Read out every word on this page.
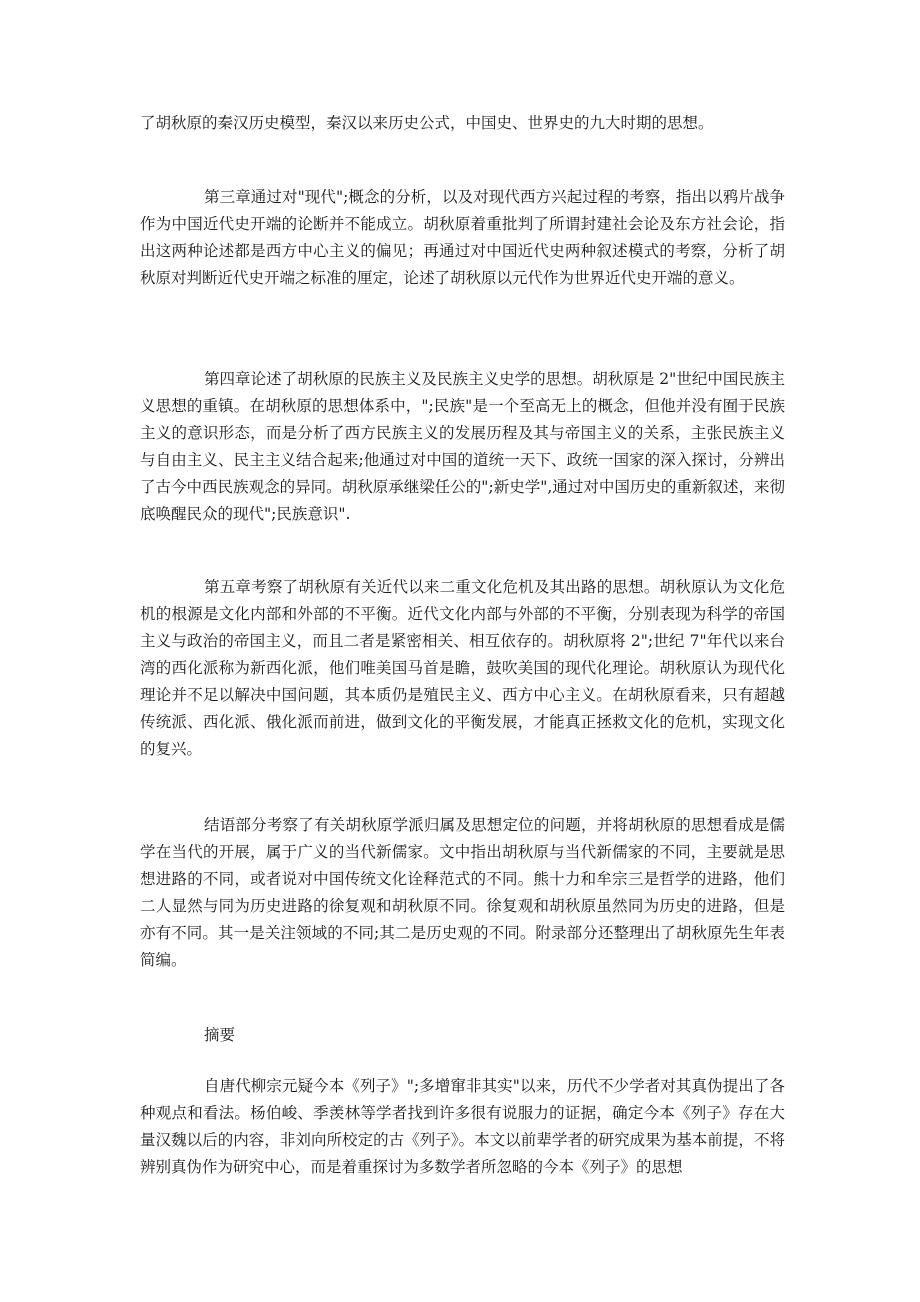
了胡秋原的秦汉历史模型，秦汉以来历史公式，中国史、世界史的九大时期的思想。

第三章通过对"现代";概念的分析，以及对现代西方兴起过程的考察，指出以鸦片战争作为中国近代史开端的论断并不能成立。胡秋原着重批判了所谓封建社会论及东方社会论，指出这两种论述都是西方中心主义的偏见；再通过对中国近代史两种叙述模式的考察，分析了胡秋原对判断近代史开端之标准的厘定，论述了胡秋原以元代作为世界近代史开端的意义。

第四章论述了胡秋原的民族主义及民族主义史学的思想。胡秋原是 2"世纪中国民族主义思想的重镇。在胡秋原的思想体系中，";民族"是一个至高无上的概念，但他并没有囿于民族主义的意识形态，而是分析了西方民族主义的发展历程及其与帝国主义的关系，主张民族主义与自由主义、民主主义结合起来;他通过对中国的道统一天下、政统一国家的深入探讨，分辨出了古今中西民族观念的异同。胡秋原承继梁任公的";新史学",通过对中国历史的重新叙述，来彻底唤醒民众的现代";民族意识".

第五章考察了胡秋原有关近代以来二重文化危机及其出路的思想。胡秋原认为文化危机的根源是文化内部和外部的不平衡。近代文化内部与外部的不平衡，分别表现为科学的帝国主义与政治的帝国主义，而且二者是紧密相关、相互依存的。胡秋原将 2";世纪 7"年代以来台湾的西化派称为新西化派，他们唯美国马首是瞻，鼓吹美国的现代化理论。胡秋原认为现代化理论并不足以解决中国问题，其本质仍是殖民主义、西方中心主义。在胡秋原看来，只有超越传统派、西化派、俄化派而前进，做到文化的平衡发展，才能真正拯救文化的危机，实现文化的复兴。

结语部分考察了有关胡秋原学派归属及思想定位的问题，并将胡秋原的思想看成是儒学在当代的开展，属于广义的当代新儒家。文中指出胡秋原与当代新儒家的不同，主要就是思想进路的不同，或者说对中国传统文化诠释范式的不同。熊十力和牟宗三是哲学的进路，他们二人显然与同为历史进路的徐复观和胡秋原不同。徐复观和胡秋原虽然同为历史的进路，但是亦有不同。其一是关注领域的不同;其二是历史观的不同。附录部分还整理出了胡秋原先生年表简编。

摘要

自唐代柳宗元疑今本《列子》";多增窜非其实"以来，历代不少学者对其真伪提出了各种观点和看法。杨伯峻、季羡林等学者找到许多很有说服力的证据，确定今本《列子》存在大量汉魏以后的内容，非刘向所校定的古《列子》。本文以前辈学者的研究成果为基本前提，不将辨别真伪作为研究中心，而是着重探讨为多数学者所忽略的今本《列子》的思想
